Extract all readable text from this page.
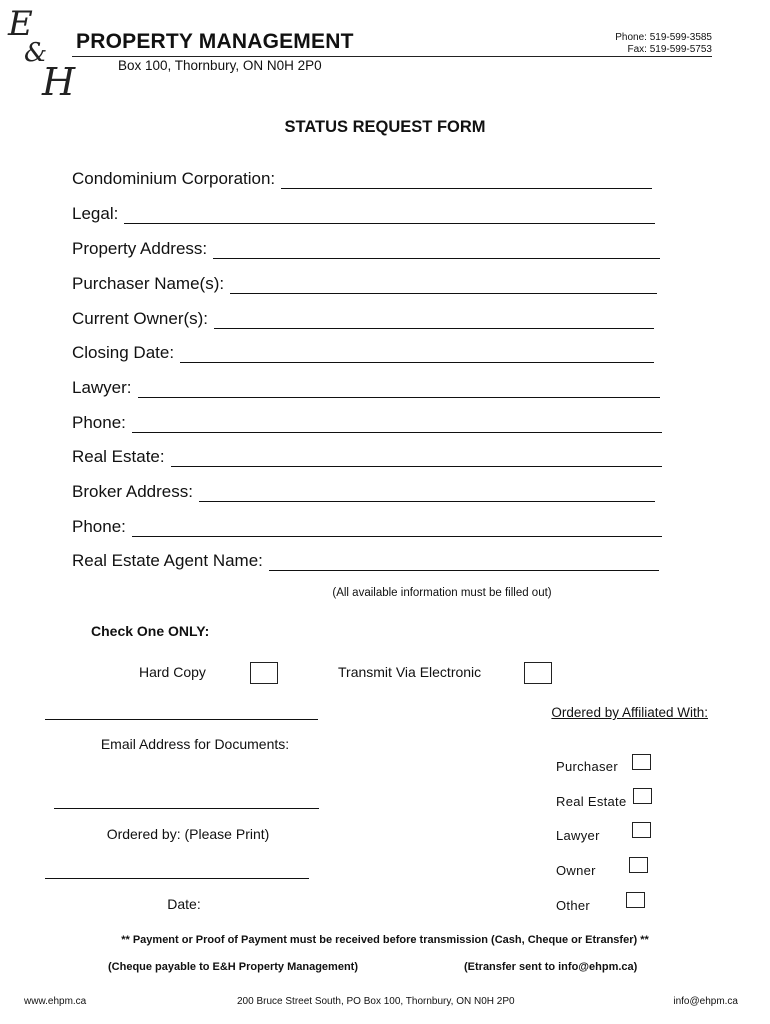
E
&
H
PROPERTY MANAGEMENT
Box 100, Thornbury, ON N0H 2P0
Phone: 519-599-3585
Fax: 519-599-5753
STATUS REQUEST FORM
Condominium Corporation:
Legal:
Property Address:
Purchaser Name(s):
Current Owner(s):
Closing Date:
Lawyer:
Phone:
Real Estate:
Broker Address:
Phone:
Real Estate Agent Name:
(All available information must be filled out)
Check One ONLY:
Hard Copy	Transmit Via Electronic
Email Address for Documents:
Ordered by: (Please Print)
Date:
Ordered by Affiliated With:
Purchaser
Real Estate
Lawyer
Owner
Other
** Payment or Proof of Payment must be received before transmission (Cash, Cheque or Etransfer) **
(Cheque payable to E&H Property Management)	(Etransfer sent to info@ehpm.ca)
www.ehpm.ca	200 Bruce Street South, PO Box 100, Thornbury, ON N0H 2P0	info@ehpm.ca
